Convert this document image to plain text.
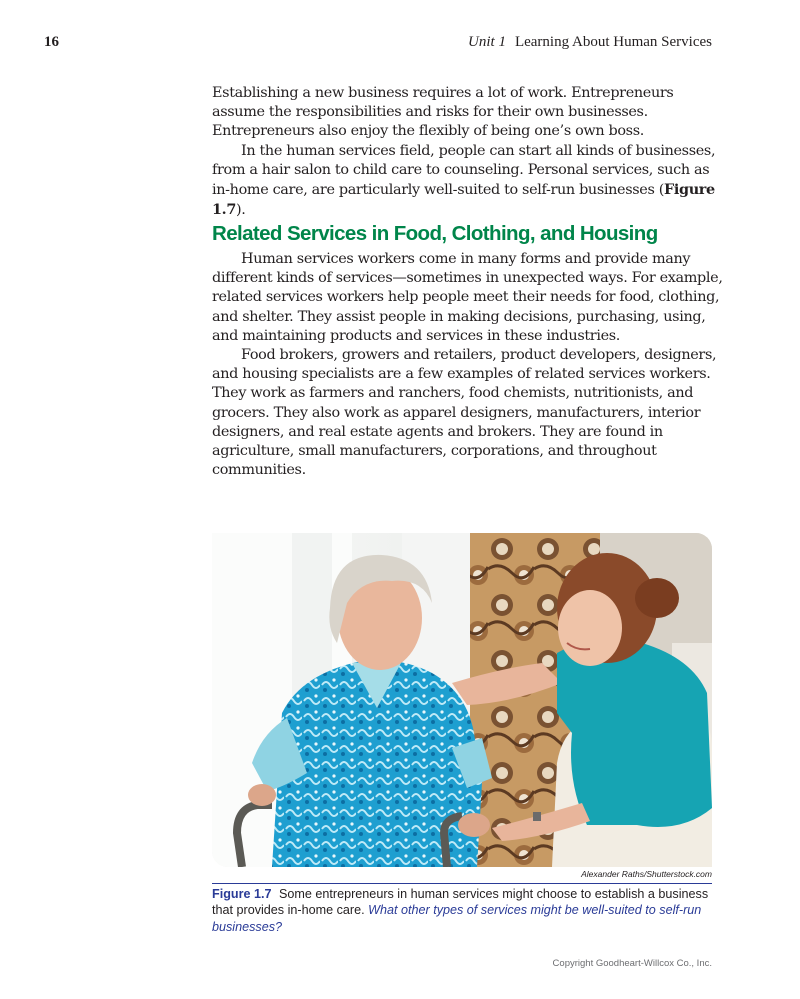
16	Unit 1 Learning About Human Services

Establishing a new business requires a lot of work. Entrepreneurs assume the responsibilities and risks for their own businesses. Entrepreneurs also enjoy the flexibly of being one’s own boss.

In the human services field, people can start all kinds of businesses, from a hair salon to child care to counseling. Personal services, such as in-home care, are particularly well-suited to self-run businesses (Figure 1.7).

Related Services in Food, Clothing, and Housing

Human services workers come in many forms and provide many different kinds of services—sometimes in unexpected ways. For example, related services workers help people meet their needs for food, clothing, and shelter. They assist people in making decisions, purchasing, using, and maintaining products and services in these industries.

Food brokers, growers and retailers, product developers, designers, and housing specialists are a few examples of related services workers. They work as farmers and ranchers, food chemists, nutritionists, and grocers. They also work as apparel designers, manufacturers, interior designers, and real estate agents and brokers. They are found in agriculture, small manufacturers, corporations, and throughout communities.

Alexander Raths/Shutterstock.com
Figure 1.7 Some entrepreneurs in human services might choose to establish a business that provides in-home care. What other types of services might be well-suited to self-run businesses?
Copyright Goodheart-Willcox Co., Inc.
